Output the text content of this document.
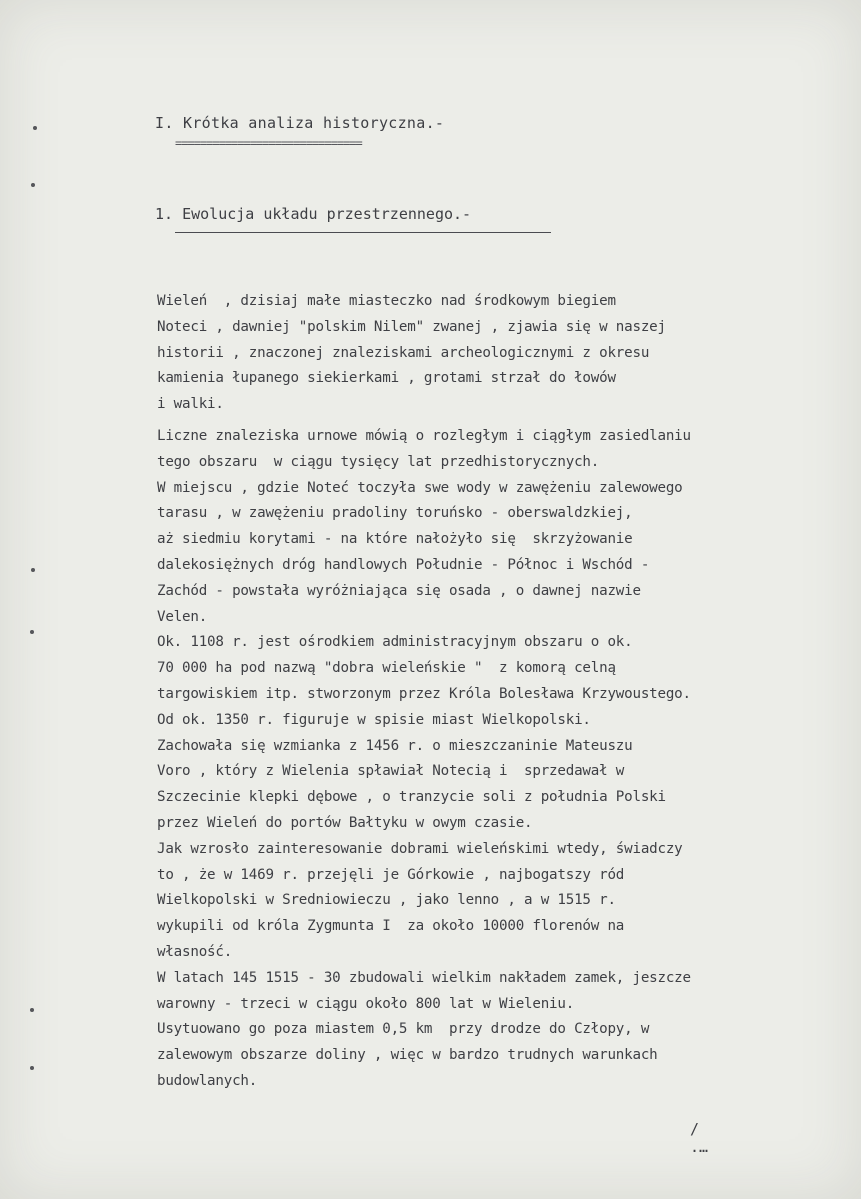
I. Krótka analiza historyczna.-
==============================
1. Ewolucja układu przestrzennego.-
Wieleń  , dzisiaj małe miasteczko nad środkowym biegiem
Noteci , dawniej "polskim Nilem" zwanej , zjawia się w naszej
historii , znaczonej znaleziskami archeologicznymi z okresu
kamienia łupanego siekierkami , grotami strzał do łowów
i walki.
Liczne znaleziska urnowe mówią o rozległym i ciągłym zasiedlaniu
tego obszaru  w ciągu tysięcy lat przedhistorycznych.
W miejscu , gdzie Noteć toczyła swe wody w zawężeniu zalewowego
tarasu , w zawężeniu pradoliny toruńsko - oberswaldzkiej,
aż siedmiu korytami - na które nałożyło się  skrzyżowanie
dalekosiężnych dróg handlowych Południe - Północ i Wschód -
Zachód - powstała wyróżniająca się osada , o dawnej nazwie
Velen.
Ok. 1108 r. jest ośrodkiem administracyjnym obszaru o ok.
70 000 ha pod nazwą "dobra wieleńskie "  z komorą celną
targowiskiem itp. stworzonym przez Króla Bolesława Krzywoustego.
Od ok. 1350 r. figuruje w spisie miast Wielkopolski.
Zachowała się wzmianka z 1456 r. o mieszczaninie Mateuszu
Voro , który z Wielenia spławiał Notecią i  sprzedawał w
Szczecinie klepki dębowe , o tranzycie soli z południa Polski
przez Wieleń do portów Bałtyku w owym czasie.
Jak wzrosło zainteresowanie dobrami wieleńskimi wtedy, świadczy
to , że w 1469 r. przejęli je Górkowie , najbogatszy ród
Wielkopolski w Sredniowieczu , jako lenno , a w 1515 r.
wykupili od króla Zygmunta I  za około 10000 florenów na
własność.
W latach 145 1515 - 30 zbudowali wielkim nakładem zamek, jeszcze
warowny - trzeci w ciągu około 800 lat w Wieleniu.
Usytuowano go poza miastem 0,5 km  przy drodze do Człopy, w
zalewowym obszarze doliny , więc w bardzo trudnych warunkach
budowlanych.
/
.…
